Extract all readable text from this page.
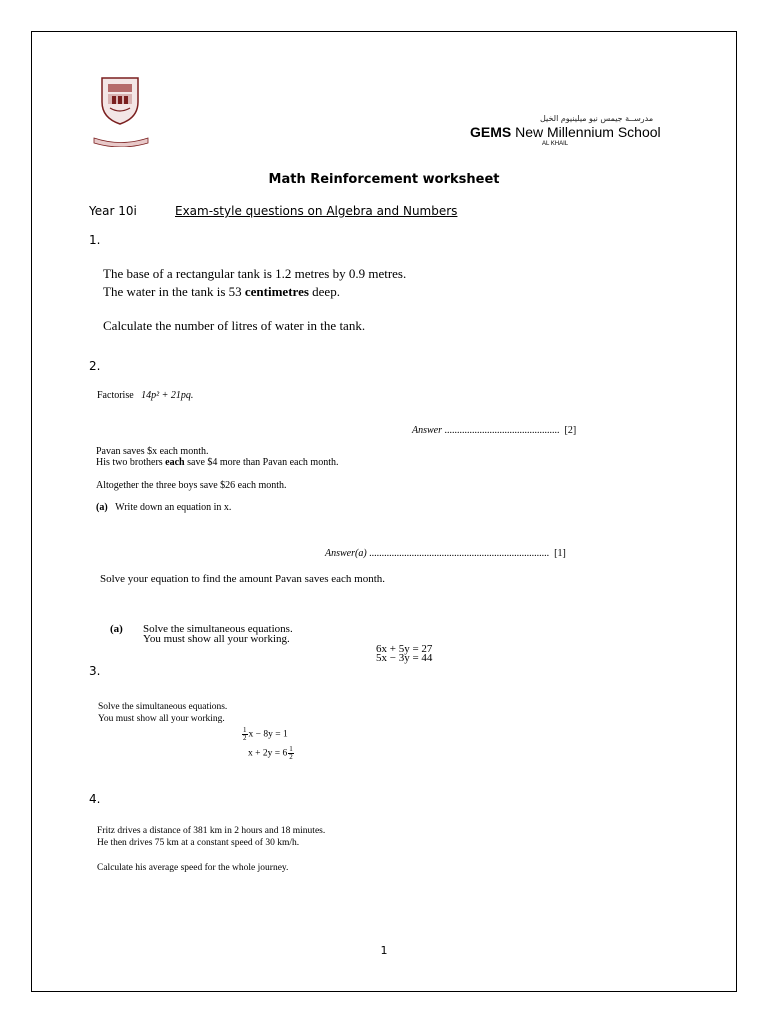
مدرســة جيمس نيو ميلينيوم الخيل
GEMS New Millennium School
AL KHAIL
Math Reinforcement worksheet
Year 10i	Exam-style questions on Algebra and Numbers
1.
The base of a rectangular tank is 1.2 metres by 0.9 metres.
The water in the tank is 53 centimetres deep.
Calculate the number of litres of water in the tank.
2.
Factorise 14p² + 21pq.
Answer .............................................. [2]
Pavan saves $x each month.
His two brothers each save $4 more than Pavan each month.
Altogether the three boys save $26 each month.
(a) Write down an equation in x.
Answer(a) ........................................................................ [1]
Solve your equation to find the amount Pavan saves each month.
(a) Solve the simultaneous equations.
You must show all your working.
6x + 5y = 27
5x − 3y = 44
3.
Solve the simultaneous equations.
You must show all your working.
$\frac{1}{2}$ x − 8y = 1
$x + 2y = 6 \frac{1}{2}$
4.
Fritz drives a distance of 381 km in 2 hours and 18 minutes.
He then drives 75 km at a constant speed of 30 km/h.
Calculate his average speed for the whole journey.
1
